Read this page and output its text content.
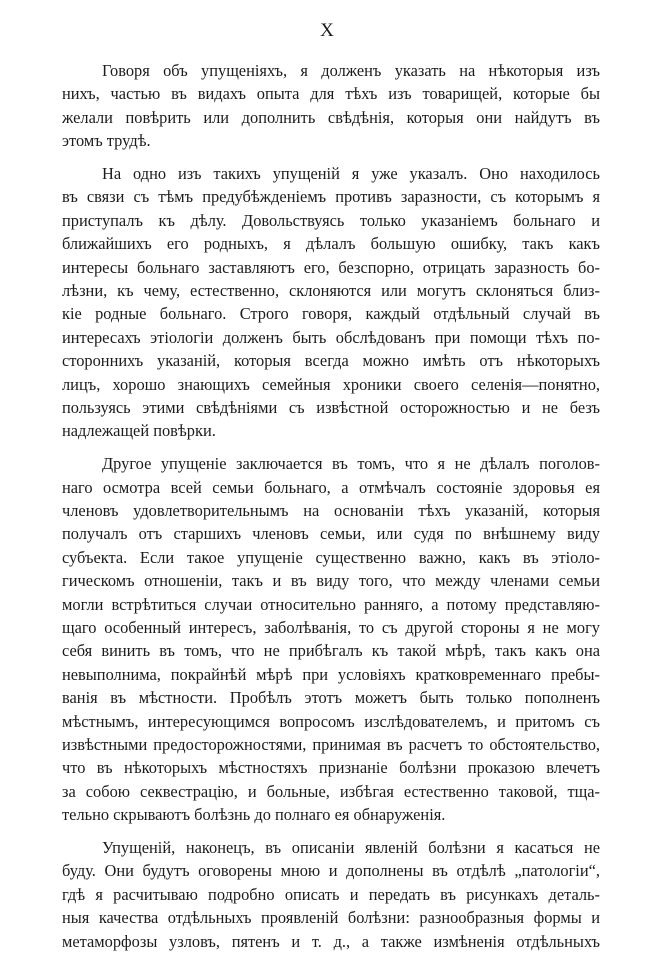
X

Говоря объ упущеніяхъ, я долженъ указать на нѣкоторыя изъ
нихъ, частью въ видахъ опыта для тѣхъ изъ товарищей, которые бы
желали повѣрить или дополнить свѣдѣнія, которыя они найдутъ въ
этомъ трудѣ.

На одно изъ такихъ упущеній я уже указалъ. Оно находилось
въ связи съ тѣмъ предубѣжденіемъ противъ заразности, съ которымъ я
приступалъ къ дѣлу. Довольствуясь только указаніемъ больнаго и
ближайшихъ его родныхъ, я дѣлалъ большую ошибку, такъ какъ
интересы больнаго заставляютъ его, безспорно, отрицать заразность бо-
лѣзни, къ чему, естественно, склоняются или могутъ склоняться близ-
кіе родные больнаго. Строго говоря, каждый отдѣльный случай въ
интересахъ этіологіи долженъ быть обслѣдованъ при помощи тѣхъ по-
стороннихъ указаній, которыя всегда можно имѣть отъ нѣкоторыхъ
лицъ, хорошо знающихъ семейныя хроники своего селенія—понятно,
пользуясь этими свѣдѣніями съ извѣстной осторожностью и не безъ
надлежащей повѣрки.

Другое упущеніе заключается въ томъ, что я не дѣлалъ поголов-
наго осмотра всей семьи больнаго, а отмѣчалъ состояніе здоровья ея
членовъ удовлетворительнымъ на основаніи тѣхъ указаній, которыя
получалъ отъ старшихъ членовъ семьи, или судя по внѣшнему виду
субъекта. Если такое упущеніе существенно важно, какъ въ этіоло-
гическомъ отношеніи, такъ и въ виду того, что между членами семьи
могли встрѣтиться случаи относительно ранняго, а потому представляю-
щаго особенный интересъ, заболѣванія, то съ другой стороны я не могу
себя винить въ томъ, что не прибѣгалъ къ такой мѣрѣ, такъ какъ она
невыполнима, покрайнѣй мѣрѣ при условіяхъ кратковременнаго пребы-
ванія въ мѣстности. Пробѣлъ этотъ можетъ быть только пополненъ
мѣстнымъ, интересующимся вопросомъ изслѣдователемъ, и притомъ съ
извѣстными предосторожностями, принимая въ расчетъ то обстоятельство,
что въ нѣкоторыхъ мѣстностяхъ признаніе болѣзни проказою влечетъ
за собою секвестрацію, и больные, избѣгая естественно таковой, тща-
тельно скрываютъ болѣзнь до полнаго ея обнаруженія.

Упущеній, наконецъ, въ описаніи явленій болѣзни я касаться не
буду. Они будутъ оговорены мною и дополнены въ отдѣлѣ „патологіи“,
гдѣ я расчитываю подробно описать и передать въ рисункахъ деталь-
ныя качества отдѣльныхъ проявленій болѣзни: разнообразныя формы и
метаморфозы узловъ, пятенъ и т. д., а также измѣненія отдѣльныхъ
